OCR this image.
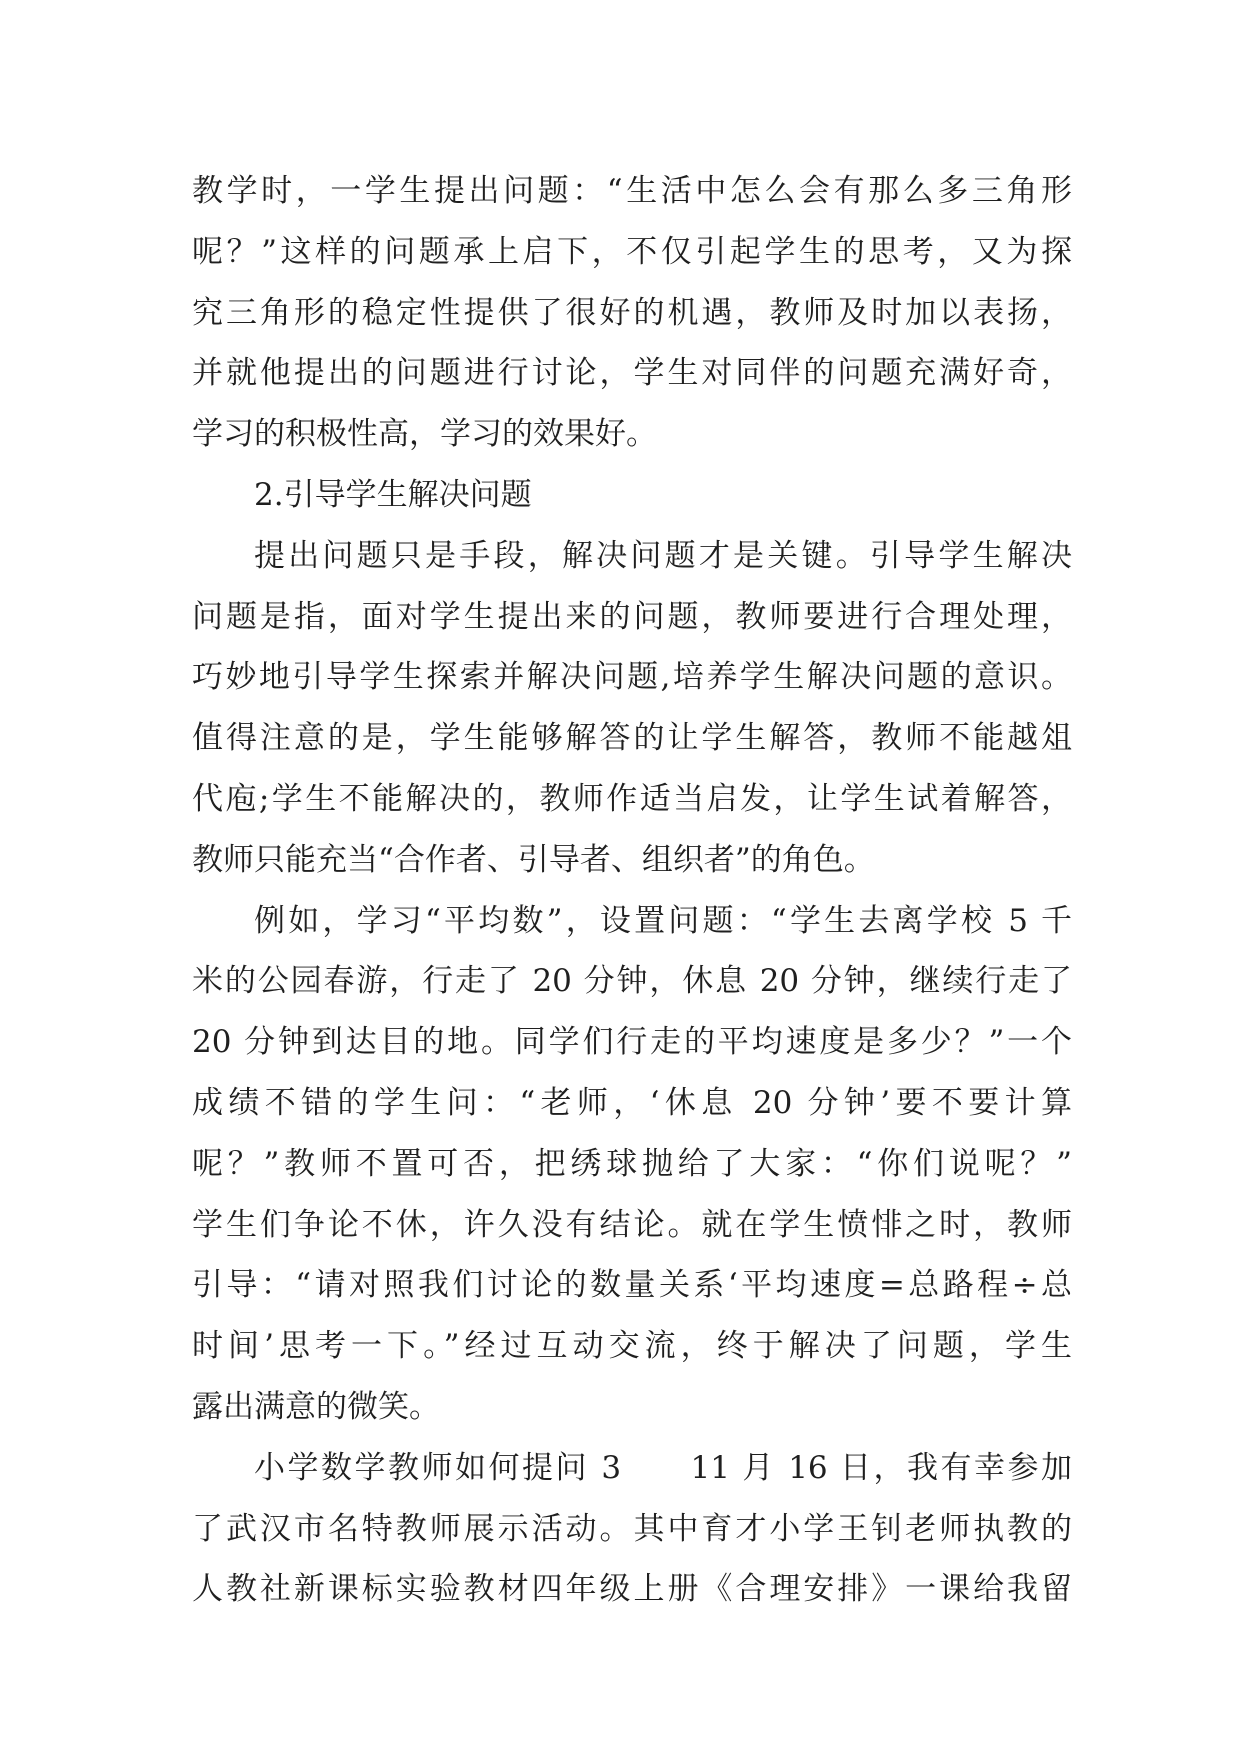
教学时，一学生提出问题：“生活中怎么会有那么多三角形
呢？”这样的问题承上启下，不仅引起学生的思考，又为探
究三角形的稳定性提供了很好的机遇，教师及时加以表扬，
并就他提出的问题进行讨论，学生对同伴的问题充满好奇，
学习的积极性高，学习的效果好。
2.引导学生解决问题
提出问题只是手段，解决问题才是关键。引导学生解决
问题是指，面对学生提出来的问题，教师要进行合理处理，
巧妙地引导学生探索并解决问题,培养学生解决问题的意识。
值得注意的是，学生能够解答的让学生解答，教师不能越俎
代庖;学生不能解决的，教师作适当启发，让学生试着解答，
教师只能充当“合作者、引导者、组织者”的角色。
例如，学习“平均数”，设置问题：“学生去离学校 5 千
米的公园春游，行走了 20 分钟，休息 20 分钟，继续行走了
20 分钟到达目的地。同学们行走的平均速度是多少？”一个
成绩不错的学生问：“老师，‘休息 20 分钟’要不要计算
呢？”教师不置可否，把绣球抛给了大家：“你们说呢？”
学生们争论不休，许久没有结论。就在学生愤悱之时，教师
引导：“请对照我们讨论的数量关系‘平均速度=总路程÷总
时间’思考一下。”经过互动交流，终于解决了问题，学生
露出满意的微笑。
小学数学教师如何提问 3　　11 月 16 日，我有幸参加
了武汉市名特教师展示活动。其中育才小学王钊老师执教的
人教社新课标实验教材四年级上册《合理安排》一课给我留
